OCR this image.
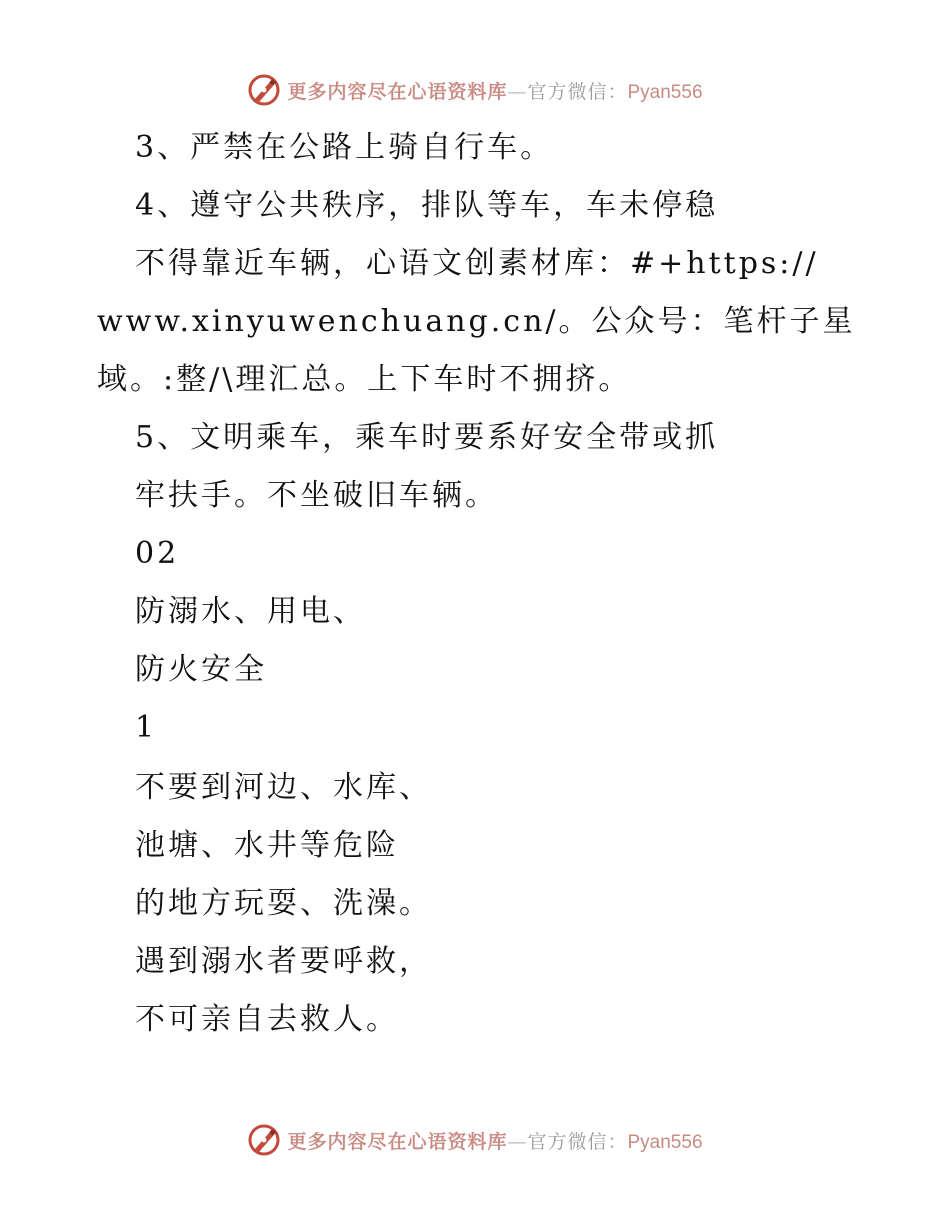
更多内容尽在心语资料库—官方微信：Pyan556
3、严禁在公路上骑自行车。
4、遵守公共秩序，排队等车，车未停稳
不得靠近车辆，心语文创素材库：#+https://
www.xinyuwenchuang.cn/。公众号：笔杆子星
域。:整/\理汇总。上下车时不拥挤。
5、文明乘车，乘车时要系好安全带或抓
牢扶手。不坐破旧车辆。
02
防溺水、用电、
防火安全
1
不要到河边、水库、
池塘、水井等危险
的地方玩耍、洗澡。
遇到溺水者要呼救，
不可亲自去救人。
更多内容尽在心语资料库—官方微信：Pyan556
